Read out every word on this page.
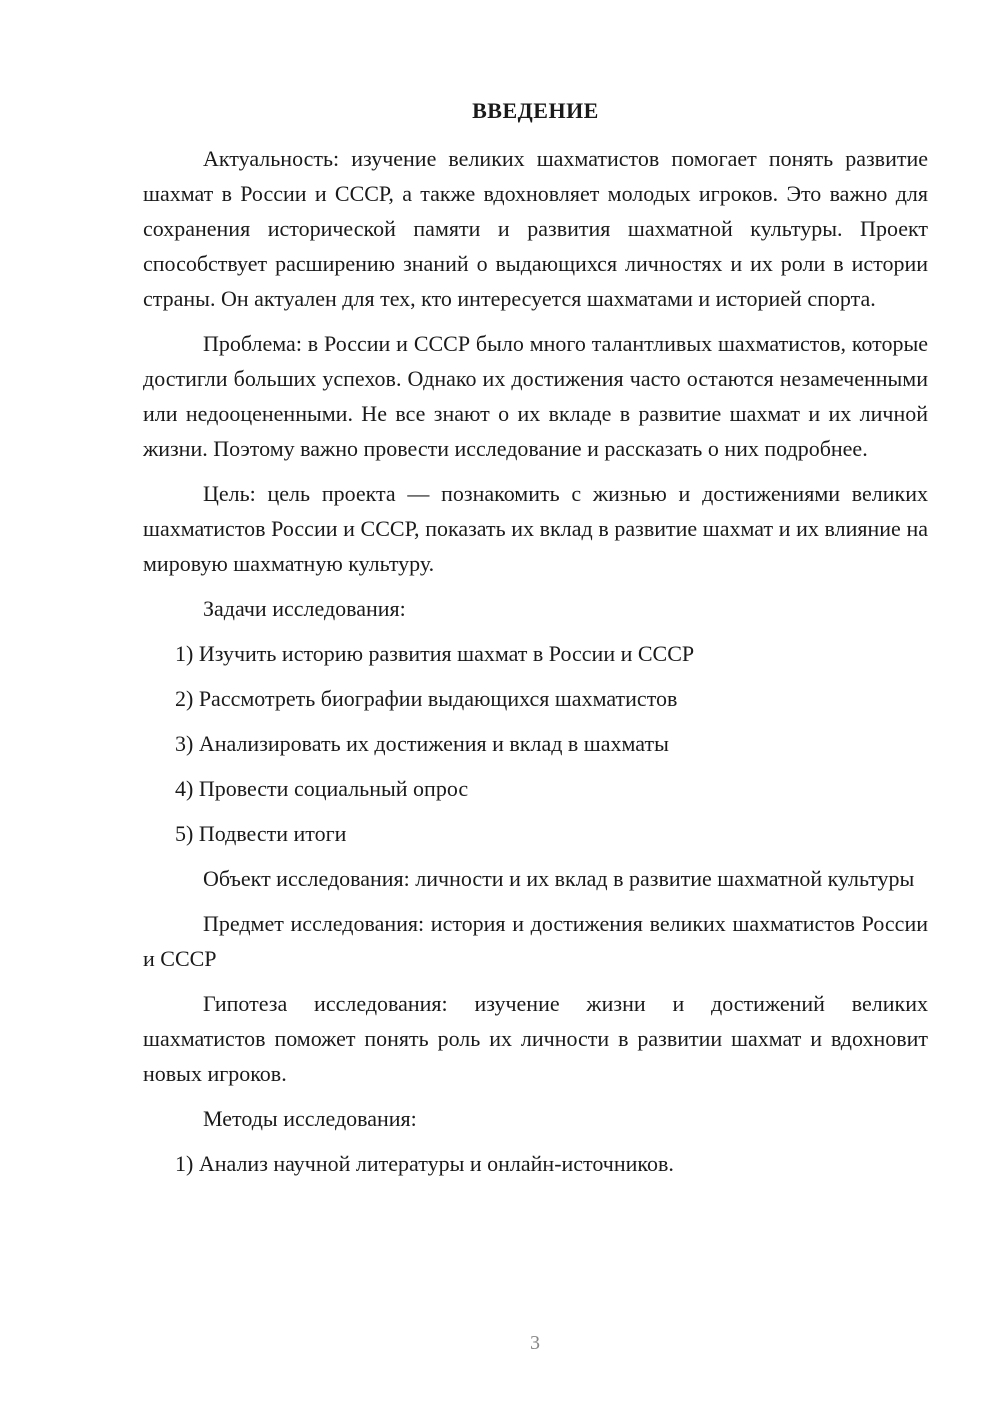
ВВЕДЕНИЕ

Актуальность: изучение великих шахматистов помогает понять развитие шахмат в России и СССР, а также вдохновляет молодых игроков. Это важно для сохранения исторической памяти и развития шахматной культуры. Проект способствует расширению знаний о выдающихся личностях и их роли в истории страны. Он актуален для тех, кто интересуется шахматами и историей спорта.

Проблема: в России и СССР было много талантливых шахматистов, которые достигли больших успехов. Однако их достижения часто остаются незамеченными или недооцененными. Не все знают о их вкладе в развитие шахмат и их личной жизни. Поэтому важно провести исследование и рассказать о них подробнее.

Цель: цель проекта — познакомить с жизнью и достижениями великих шахматистов России и СССР, показать их вклад в развитие шахмат и их влияние на мировую шахматную культуру.

Задачи исследования:

1) Изучить историю развития шахмат в России и СССР

2) Рассмотреть биографии выдающихся шахматистов

3) Анализировать их достижения и вклад в шахматы

4) Провести социальный опрос

5) Подвести итоги

Объект исследования: личности и их вклад в развитие шахматной культуры

Предмет исследования: история и достижения великих шахматистов России и СССР

Гипотеза исследования: изучение жизни и достижений великих шахматистов поможет понять роль их личности в развитии шахмат и вдохновит новых игроков.

Методы исследования:

1) Анализ научной литературы и онлайн-источников.

3
